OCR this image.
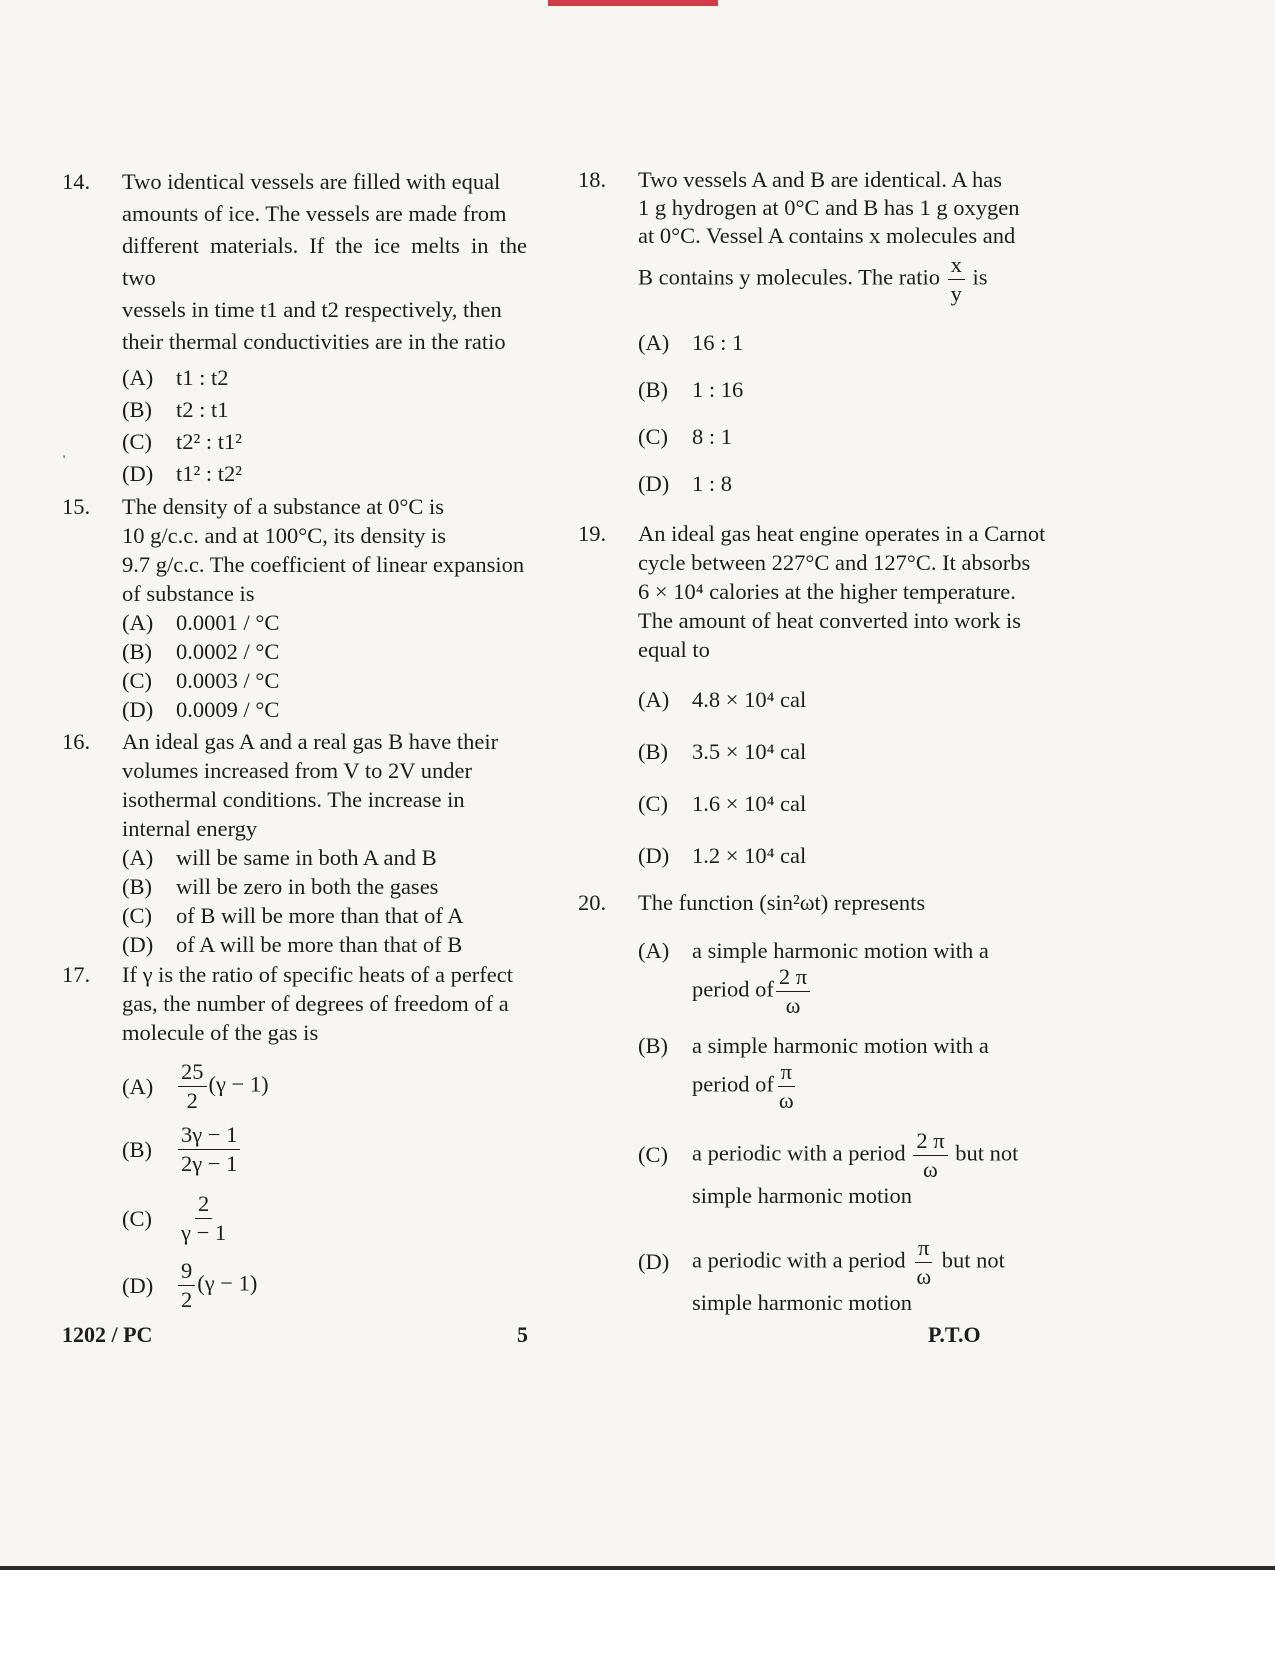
'
14.	Two identical vessels are filled with equal
amounts of ice. The vessels are made from
different materials. If the ice melts in the two
vessels in time t1 and t2 respectively, then
their thermal conductivities are in the ratio
(A)	t1 : t2
(B)	t2 : t1
(C)	t2² : t1²
(D)	t1² : t2²
15.	The density of a substance at 0°C is
10 g/c.c. and at 100°C, its density is
9.7 g/c.c. The coefficient of linear expansion
of substance is
(A)	0.0001 / °C
(B)	0.0002 / °C
(C)	0.0003 / °C
(D)	0.0009 / °C
16.	An ideal gas A and a real gas B have their
volumes increased from V to 2V under
isothermal conditions. The increase in
internal energy
(A)	will be same in both A and B
(B)	will be zero in both the gases
(C)	of B will be more than that of A
(D)	of A will be more than that of B
17.	If γ is the ratio of specific heats of a perfect
gas, the number of degrees of freedom of a
molecule of the gas is
(A)	$\frac{25}{2} (\gamma - 1)$
(B)	$\frac{3\gamma - 1}{2\gamma - 1}$
(C)	$\frac{2}{\gamma - 1}$
(D)	$\frac{9}{2} (\gamma - 1)$
18.	Two vessels A and B are identical. A has
1 g hydrogen at 0°C and B has 1 g oxygen
at 0°C. Vessel A contains x molecules and
B contains y molecules. The ratio $\frac{x}{y}$ is
(A)	16 : 1
(B)	1 : 16
(C)	8 : 1
(D)	1 : 8
19.	An ideal gas heat engine operates in a Carnot
cycle between 227°C and 127°C. It absorbs
6 × 10⁴ calories at the higher temperature.
The amount of heat converted into work is
equal to
(A)	4.8 × 10⁴ cal
(B)	3.5 × 10⁴ cal
(C)	1.6 × 10⁴ cal
(D)	1.2 × 10⁴ cal
20.	The function (sin²ωt) represents
(A)	a simple harmonic motion with a
period of $\frac{2 \pi}{\omega}$
(B)	a simple harmonic motion with a
period of $\frac{\pi}{\omega}$
(C)	a periodic with a period $\frac{2 \pi}{\omega}$ but not
simple harmonic motion
(D)	a periodic with a period $\frac{\pi}{\omega}$ but not
simple harmonic motion
1202 / PC	5	P.T.O
